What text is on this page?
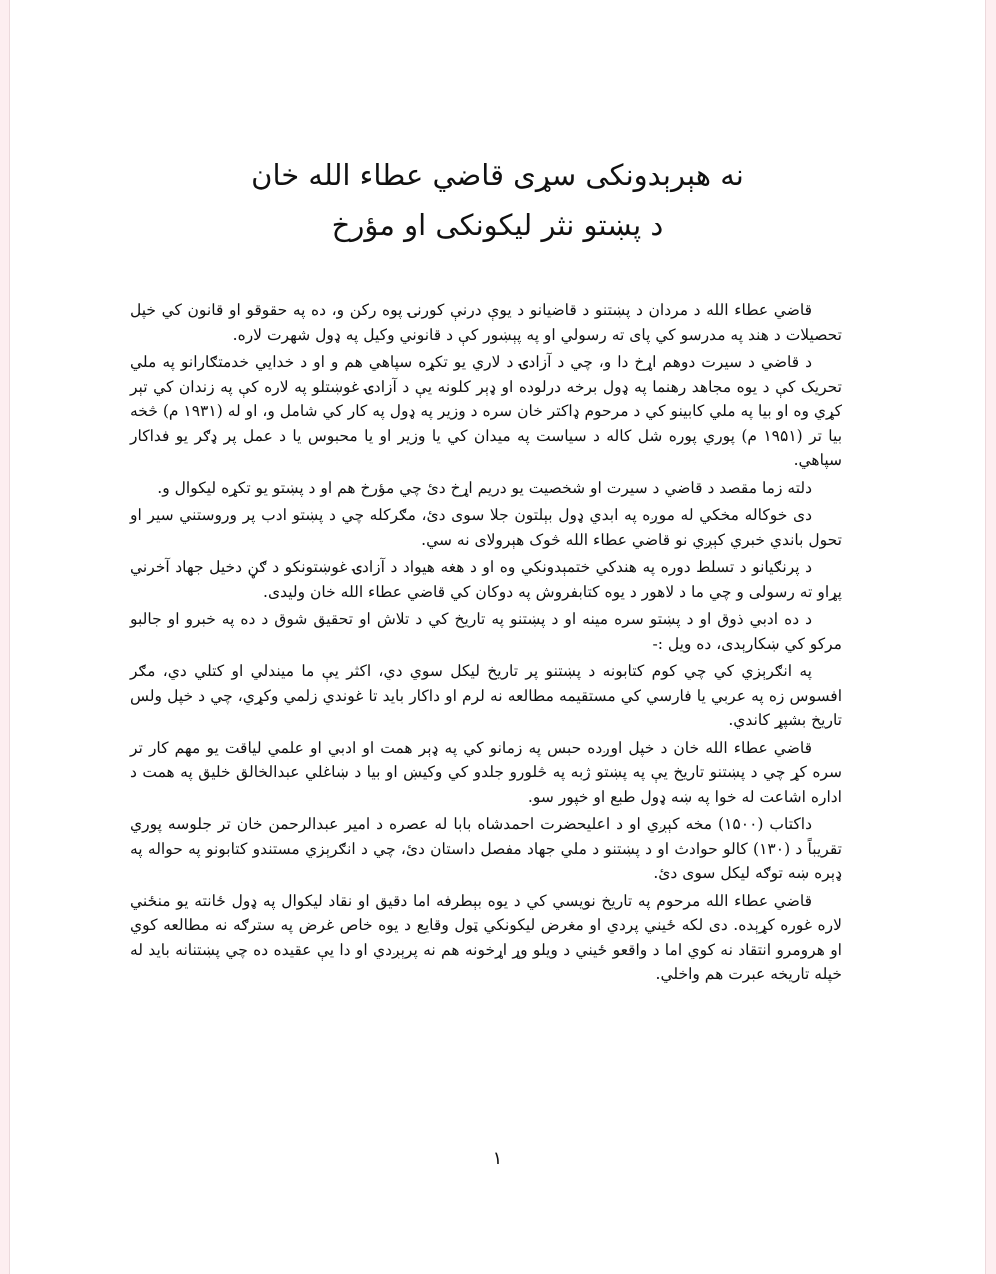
نه هېرېدونکی سړی قاضي عطاء الله خان
د پښتو نثر ليکونکی او مؤرخ

قاضي عطاء الله د مردان د پښتنو د قاضيانو د يوې درنې کورنۍ پوه رکن و، ده په حقوقو او قانون کي خپل تحصيلات د هند په مدرسو کي پای ته رسولي او په پېښور کې د قانوني وکيل په ډول شهرت لاره.

د قاضي د سيرت دوهم اړخ دا و، چي د آزادۍ د لاري يو تکړه سپاهي هم و او د خدايي خدمتګارانو په ملي تحريک کې د يوه مجاهد رهنما په ډول برخه درلوده او ډېر کلونه يې د آزادۍ غوښتلو په لاره کې په زندان کي تېر کړي وه او بيا په ملي کابينو کي د مرحوم ډاکتر خان سره د وزير په ډول په کار کي شامل و، او له (۱۹۳۱ م) څخه بيا تر (۱۹۵۱ م) پوري پوره شل کاله د سياست په ميدان کي يا وزير او يا محبوس يا د عمل پر ډګر يو فداکار سپاهي.

دلته زما مقصد د قاضي د سيرت او شخصيت يو دريم اړخ دئ چي مؤرخ هم او د پښتو يو تکړه ليکوال و.

دی خوکاله مخکي له موږه په ابدي ډول بېلتون جلا سوی دئ، مګرکله چي د پښتو ادب پر وروستني سير او تحول باندي خبري کېږي نو قاضي عطاء الله څوک هېرولای نه سي.

د پرنګيانو د تسلط دوره په هندکي ختمېدونکي وه او د هغه هيواد د آزادۍ غوښتونکو د ګڼ دخيل جهاد آخرني پړاو ته رسولی و چي ما د لاهور د يوه کتابفروش په دوکان کي قاضي عطاء الله خان وليدی.

د ده ادبي ذوق او د پښتو سره مينه او د پښتنو په تاريخ کي د تلاش او تحقيق شوق د ده په خبرو او جالبو مرکو کي ښکارېدی، ده ويل :-

په انګرېزي کي چي کوم کتابونه د پښتنو پر تاريخ ليکل سوي دي، اکثر يې ما ميندلي او کتلي دي، مګر افسوس زه په عربي يا فارسي کي مستقيمه مطالعه نه لرم او داکار بايد تا غوندي زلمي وکړي، چي د خپل ولس تاريخ بشپړ کاندي.

قاضي عطاء الله خان د خپل اوږده حبس په زمانو کي په ډېر همت او ادبي او علمي لياقت يو مهم کار تر سره کړ چي د پښتنو تاريخ يې په پښتو ژبه په څلورو جلدو کي وکيښ او بيا د ښاغلي عبدالخالق خليق په همت د اداره اشاعت له خوا په ښه ډول طبع او خپور سو.

داکتاب (۱۵۰۰) مخه کېږي او د اعليحضرت احمدشاه بابا له عصره د امير عبدالرحمن خان تر جلوسه پوري تقريباً د (۱۳۰) کالو حوادث او د پښتنو د ملي جهاد مفصل داستان دئ، چي د انګرېزي مستندو کتابونو په حواله په ډېره ښه توګه ليکل سوی دئ.

قاضي عطاء الله مرحوم په تاريخ نويسي کي د يوه بېطرفه اما دقيق او نقاد ليکوال په ډول ځانته يو منځني لاره غوره کړېده. دی لکه ځيني پردي او مغرض ليکونکي ټول وقايع د يوه خاص غرض په سترګه نه مطالعه کوي او هرومرو انتقاد نه کوي اما د واقعو ځيني د ويلو وړ اړخونه هم نه پرېږدي او دا يې عقيده ده چي پښتنانه بايد له خپله تاريخه عبرت هم واخلي.

۱
